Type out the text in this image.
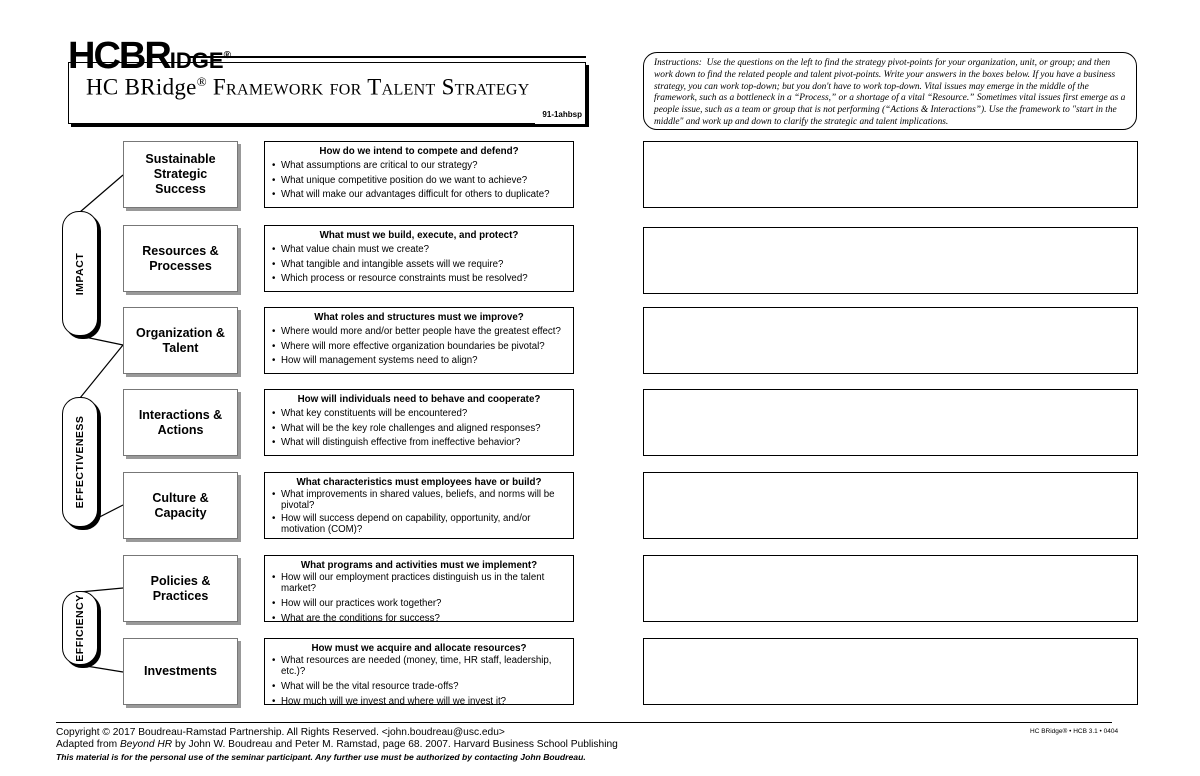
HCBRIDGE®
HC BRidge® Framework for Talent Strategy
91-1ahbsp
Instructions: Use the questions on the left to find the strategy pivot-points for your organization, unit, or group; and then work down to find the related people and talent pivot-points. Write your answers in the boxes below. If you have a business strategy, you can work top-down; but you don't have to work top-down. Vital issues may emerge in the middle of the framework, such as a bottleneck in a “Process,” or a shortage of a vital “Resource.” Sometimes vital issues first emerge as a people issue, such as a team or group that is not performing (“Actions & Interactions”). Use the framework to "start in the middle" and work up and down to clarify the strategic and talent implications.
IMPACT
EFFECTIVENESS
EFFICIENCY
Sustainable Strategic Success
How do we intend to compete and defend?
• What assumptions are critical to our strategy?
• What unique competitive position do we want to achieve?
• What will make our advantages difficult for others to duplicate?
Resources & Processes
What must we build, execute, and protect?
• What value chain must we create?
• What tangible and intangible assets will we require?
• Which process or resource constraints must be resolved?
Organization & Talent
What roles and structures must we improve?
• Where would more and/or better people have the greatest effect?
• Where will more effective organization boundaries be pivotal?
• How will management systems need to align?
Interactions & Actions
How will individuals need to behave and cooperate?
• What key constituents will be encountered?
• What will be the key role challenges and aligned responses?
• What will distinguish effective from ineffective behavior?
Culture & Capacity
What characteristics must employees have or build?
• What improvements in shared values, beliefs, and norms will be pivotal?
• How will success depend on capability, opportunity, and/or motivation (COM)?
Policies & Practices
What programs and activities must we implement?
• How will our employment practices distinguish us in the talent market?
• How will our practices work together?
• What are the conditions for success?
Investments
How must we acquire and allocate resources?
• What resources are needed (money, time, HR staff, leadership, etc.)?
• What will be the vital resource trade-offs?
• How much will we invest and where will we invest it?
Copyright © 2017 Boudreau-Ramstad Partnership. All Rights Reserved. <john.boudreau@usc.edu>
Adapted from Beyond HR by John W. Boudreau and Peter M. Ramstad, page 68. 2007. Harvard Business School Publishing
This material is for the personal use of the seminar participant. Any further use must be authorized by contacting John Boudreau.
HC BRidge® • HCB 3.1 • 0404
